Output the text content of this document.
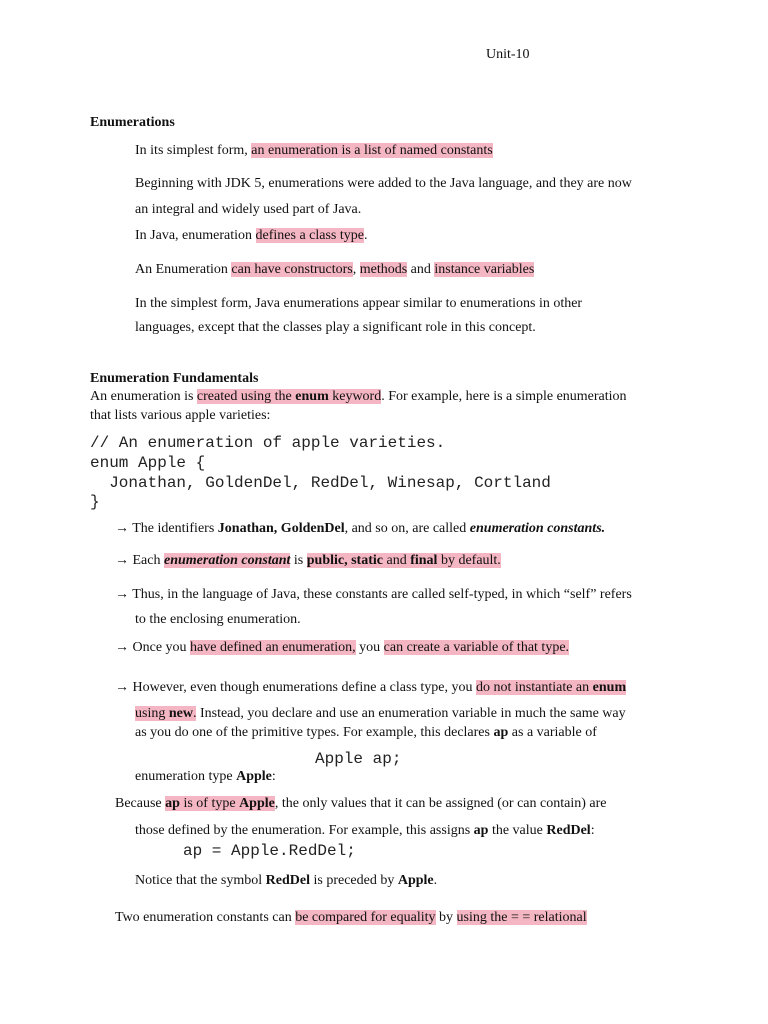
Unit-10
Enumerations
In its simplest form, an enumeration is a list of named constants
Beginning with JDK 5, enumerations were added to the Java language, and they are now
an integral and widely used part of Java.
In Java, enumeration defines a class type.
An Enumeration can have constructors, methods and instance variables
In the simplest form, Java enumerations appear similar to enumerations in other
languages, except that the classes play a significant role in this concept.
Enumeration Fundamentals
An enumeration is created using the enum keyword. For example, here is a simple enumeration
that lists various apple varieties:
// An enumeration of apple varieties.
enum Apple {
Jonathan, GoldenDel, RedDel, Winesap, Cortland
}
→ The identifiers Jonathan, GoldenDel, and so on, are called enumeration constants.
→ Each enumeration constant is public, static and final by default.
→ Thus, in the language of Java, these constants are called self-typed, in which “self” refers
to the enclosing enumeration.
→ Once you have defined an enumeration, you can create a variable of that type.
→ However, even though enumerations define a class type, you do not instantiate an enum
using new. Instead, you declare and use an enumeration variable in much the same way
as you do one of the primitive types. For example, this declares ap as a variable of
Apple ap;
enumeration type Apple:
Because ap is of type Apple, the only values that it can be assigned (or can contain) are
those defined by the enumeration. For example, this assigns ap the value RedDel:
ap = Apple.RedDel;
Notice that the symbol RedDel is preceded by Apple.
Two enumeration constants can be compared for equality by using the = = relational
